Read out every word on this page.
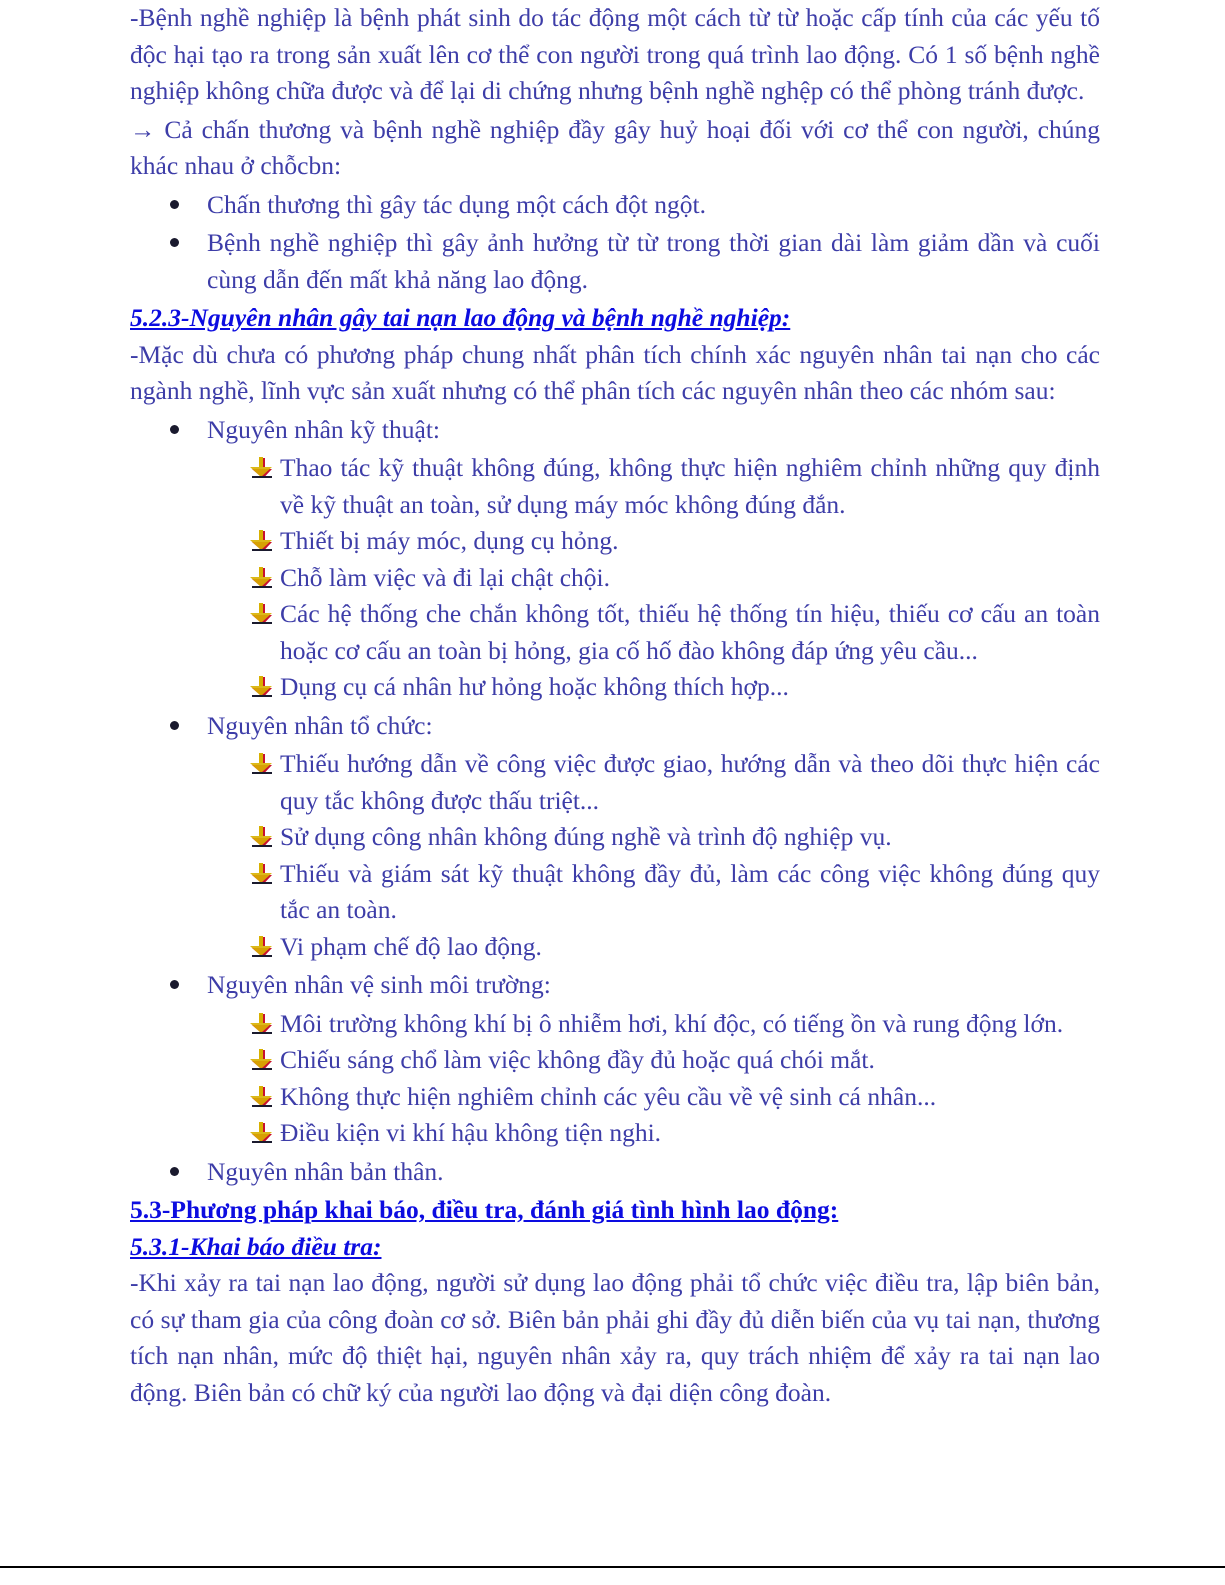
-Bệnh nghề nghiệp là bệnh phát sinh do tác động một cách từ từ hoặc cấp tính của các yếu tố độc hại tạo ra trong sản xuất lên cơ thể con người trong quá trình lao động. Có 1 số bệnh nghề nghiệp không chữa được và để lại di chứng nhưng bệnh nghề nghệp có thể phòng tránh được.

→ Cả chấn thương và bệnh nghề nghiệp đầy gây huỷ hoại đối với cơ thể con người, chúng khác nhau ở chỗcbn:

Chấn thương thì gây tác dụng một cách đột ngột.
Bệnh nghề nghiệp thì gây ảnh hưởng từ từ trong thời gian dài làm giảm dần và cuối cùng dẫn đến mất khả năng lao động.

5.2.3-Nguyên nhân gây tai nạn lao động và bệnh nghề nghiệp:

-Mặc dù chưa có phương pháp chung nhất phân tích chính xác nguyên nhân tai nạn cho các ngành nghề, lĩnh vực sản xuất nhưng có thể phân tích các nguyên nhân theo các nhóm sau:

Nguyên nhân kỹ thuật:
Thao tác kỹ thuật không đúng, không thực hiện nghiêm chỉnh những quy định về kỹ thuật an toàn, sử dụng máy móc không đúng đắn.
Thiết bị máy móc, dụng cụ hỏng.
Chỗ làm việc và đi lại chật chội.
Các hệ thống che chắn không tốt, thiếu hệ thống tín hiệu, thiếu cơ cấu an toàn hoặc cơ cấu an toàn bị hỏng, gia cố hố đào không đáp ứng yêu cầu...
Dụng cụ cá nhân hư hỏng hoặc không thích hợp...
Nguyên nhân tổ chức:
Thiếu hướng dẫn về công việc được giao, hướng dẫn và theo dõi thực hiện các quy tắc không được thấu triệt...
Sử dụng công nhân không đúng nghề và trình độ nghiệp vụ.
Thiếu và giám sát kỹ thuật không đầy đủ, làm các công việc không đúng quy tắc an toàn.
Vi phạm chế độ lao động.
Nguyên nhân vệ sinh môi trường:
Môi trường không khí bị ô nhiễm hơi, khí độc, có tiếng ồn và rung động lớn.
Chiếu sáng chổ làm việc không đầy đủ hoặc quá chói mắt.
Không thực hiện nghiêm chỉnh các yêu cầu về vệ sinh cá nhân...
Điều kiện vi khí hậu không tiện nghi.
Nguyên nhân bản thân.

5.3-Phương pháp khai báo, điều tra, đánh giá tình hình lao động:

5.3.1-Khai báo điều tra:

-Khi xảy ra tai nạn lao động, người sử dụng lao động phải tổ chức việc điều tra, lập biên bản, có sự tham gia của công đoàn cơ sở. Biên bản phải ghi đầy đủ diễn biến của vụ tai nạn, thương tích nạn nhân, mức độ thiệt hại, nguyên nhân xảy ra, quy trách nhiệm để xảy ra tai nạn lao động. Biên bản có chữ ký của người lao động và đại diện công đoàn.
